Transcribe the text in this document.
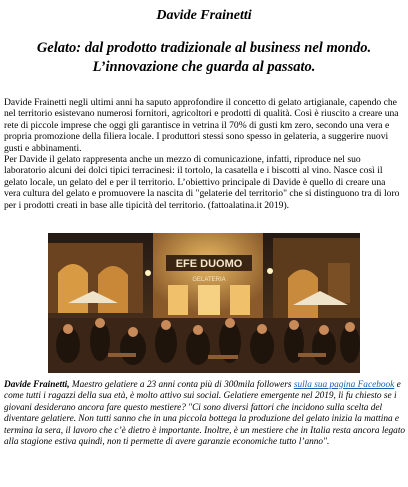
Davide Frainetti
Gelato: dal prodotto tradizionale al business nel mondo.
L’innovazione che guarda al passato.

Davide Frainetti negli ultimi anni ha saputo approfondire il concetto di gelato artigianale, capendo che nel territorio esistevano numerosi fornitori, agricoltori e prodotti di qualità. Così è riuscito a creare una rete di piccole imprese che oggi gli garantisce in vetrina il 70% di gusti km zero, secondo una vera e propria promozione della filiera locale. I produttori stessi sono spesso in gelateria, a suggerire nuovi gusti e abbinamenti.

Per Davide il gelato rappresenta anche un mezzo di comunicazione, infatti, riproduce nel suo laboratorio alcuni dei dolci tipici terracinesi: il tortolo, la casatella e i biscotti al vino. Nasce così il gelato locale, un gelato del e per il territorio. L’obiettivo principale di Davide è quello di creare una vera cultura del gelato e promuovere la nascita di "gelaterie del territorio" che si distinguono tra di loro per i prodotti creati in base alle tipicità del territorio. (fattoalatina.it 2019).

EFE DUOMO
GELATERIA
Davide Frainetti, Maestro gelatiere a 23 anni conta più di 300mila followers sulla sua pagina Facebook e come tutti i ragazzi della sua età, è molto attivo sui social. Gelatiere emergente nel 2019, li fu chiesto se i giovani desiderano ancora fare questo mestiere? "Ci sono diversi fattori che incidono sulla scelta del diventare gelatiere. Non tutti sanno che in una piccola bottega la produzione del gelato inizia la mattina e termina la sera, il lavoro che c’è dietro è importante. Inoltre, è un mestiere che in Italia resta ancora legato alla stagione estiva quindi, non ti permette di avere garanzie economiche tutto l’anno".
